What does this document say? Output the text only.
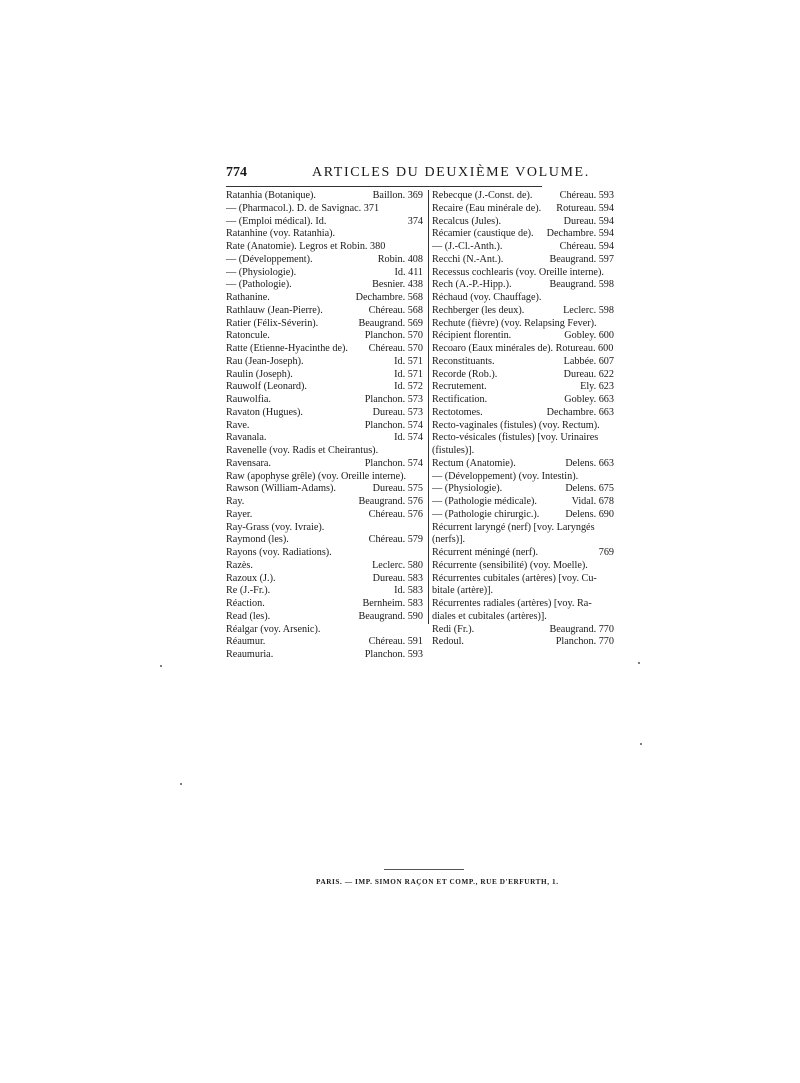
774	ARTICLES DU DEUXIÈME VOLUME.
Ratanhia (Botanique).	Baillon. 369
— (Pharmacol.). D. de Savignac. 371
— (Emploi médical). Id.	374
Ratanhine (voy. Ratanhia).
Rate (Anatomie). Legros et Robin. 380
— (Développement).	Robin. 408
— (Physiologie).	Id. 411
— (Pathologie).	Besnier. 438
Rathanine.	Dechambre. 568
Rathlauw (Jean-Pierre).	Chéreau. 568
Ratier (Félix-Séverin).	Beaugrand. 569
Ratoncule.	Planchon. 570
Ratte (Etienne-Hyacinthe de). Chéreau. 570
Rau (Jean-Joseph).	Id. 571
Raulin (Joseph).	Id. 571
Rauwolf (Leonard).	Id. 572
Rauwolfia.	Planchon. 573
Ravaton (Hugues).	Dureau. 573
Rave.	Planchon. 574
Ravanala.	Id. 574
Ravenelle (voy. Radis et Cheirantus).
Ravensara.	Planchon. 574
Raw (apophyse grêle) (voy. Oreille interne).
Rawson (William-Adams).	Dureau. 575
Ray.	Beaugrand. 576
Rayer.	Chéreau. 576
Ray-Grass (voy. Ivraie).
Raymond (les).	Chéreau. 579
Rayons (voy. Radiations).
Razès.	Leclerc. 580
Razoux (J.).	Dureau. 583
Re (J.-Fr.).	Id. 583
Réaction.	Bernheim. 583
Read (les).	Beaugrand. 590
Réalgar (voy. Arsenic).
Réaumur.	Chéreau. 591
Reaumuria.	Planchon. 593
Rebecque (J.-Const. de).	Chéreau. 593
Recaire (Eau minérale de). Rotureau. 594
Recalcus (Jules).	Dureau. 594
Récamier (caustique de). Dechambre. 594
— (J.-Cl.-Anth.).	Chéreau. 594
Recchi (N.-Ant.).	Beaugrand. 597
Recessus cochlearis (voy. Oreille interne).
Rech (A.-P.-Hipp.).	Beaugrand. 598
Réchaud (voy. Chauffage).
Rechberger (les deux).	Leclerc. 598
Rechute (fièvre) (voy. Relapsing Fever).
Récipient florentin.	Gobley. 600
Recoaro (Eaux minérales de). Rotureau. 600
Reconstituants.	Labbée. 607
Recorde (Rob.).	Dureau. 622
Recrutement.	Ely. 623
Rectification.	Gobley. 663
Rectotomes.	Dechambre. 663
Recto-vaginales (fistules) (voy. Rectum).
Recto-vésicales (fistules) [voy. Urinaires
(fistules)].
Rectum (Anatomie).	Delens. 663
— (Développement) (voy. Intestin).
— (Physiologie).	Delens. 675
— (Pathologie médicale).	Vidal. 678
— (Pathologie chirurgic.).	Delens. 690
Récurrent laryngé (nerf) [voy. Laryngés
(nerfs)].
Récurrent méningé (nerf).	769
Récurrente (sensibilité) (voy. Moelle).
Récurrentes cubitales (artères) [voy. Cu-
bitale (artère)].
Récurrentes radiales (artères) [voy. Ra-
diales et cubitales (artères)].
Redi (Fr.).	Beaugrand. 770
Redoul.	Planchon. 770
PARIS. — IMP. SIMON RAÇON ET COMP., RUE D'ERFURTH, 1.
